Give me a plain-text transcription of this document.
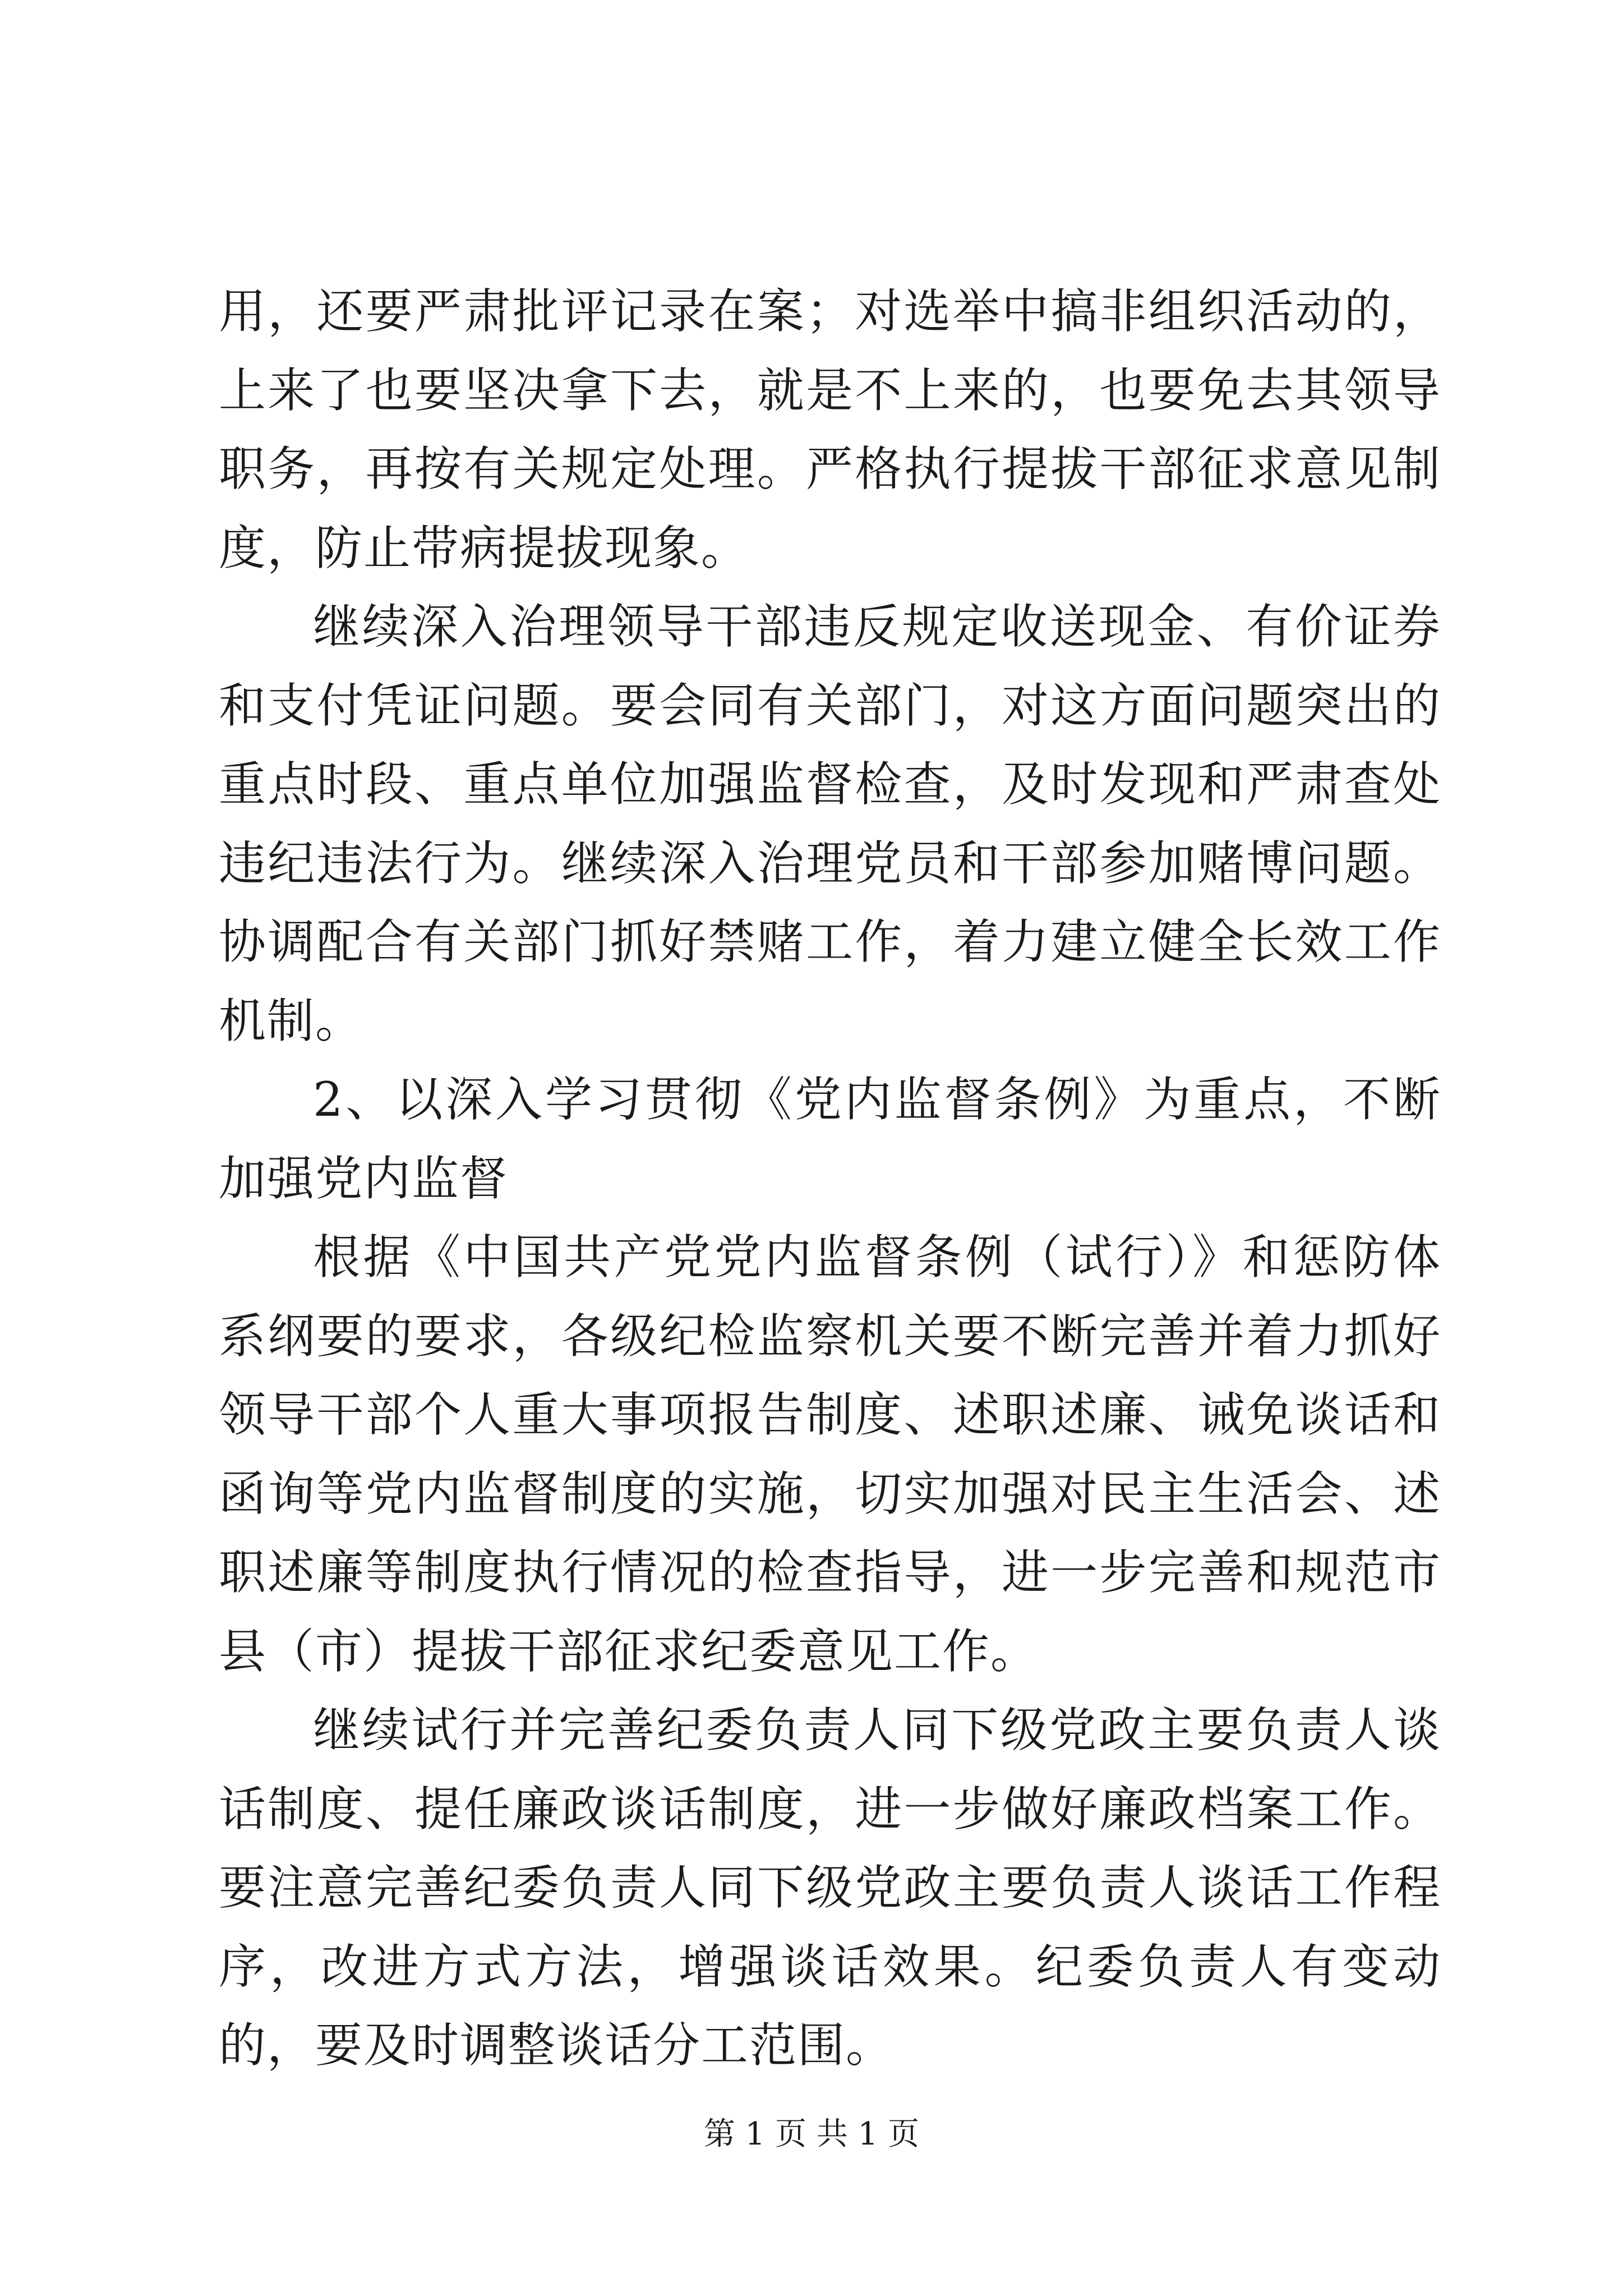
用，还要严肃批评记录在案；对选举中搞非组织活动的，上来了也要坚决拿下去，就是不上来的，也要免去其领导职务，再按有关规定处理。严格执行提拔干部征求意见制度，防止带病提拔现象。

继续深入治理领导干部违反规定收送现金、有价证券和支付凭证问题。要会同有关部门，对这方面问题突出的重点时段、重点单位加强监督检查，及时发现和严肃查处违纪违法行为。继续深入治理党员和干部参加赌博问题。协调配合有关部门抓好禁赌工作，着力建立健全长效工作机制。

2、以深入学习贯彻《党内监督条例》为重点，不断加强党内监督

根据《中国共产党党内监督条例（试行）》和惩防体系纲要的要求，各级纪检监察机关要不断完善并着力抓好领导干部个人重大事项报告制度、述职述廉、诫免谈话和函询等党内监督制度的实施，切实加强对民主生活会、述职述廉等制度执行情况的检查指导，进一步完善和规范市县（市）提拔干部征求纪委意见工作。

继续试行并完善纪委负责人同下级党政主要负责人谈话制度、提任廉政谈话制度，进一步做好廉政档案工作。要注意完善纪委负责人同下级党政主要负责人谈话工作程序，改进方式方法，增强谈话效果。纪委负责人有变动的，要及时调整谈话分工范围。

第 1 页 共 1 页
